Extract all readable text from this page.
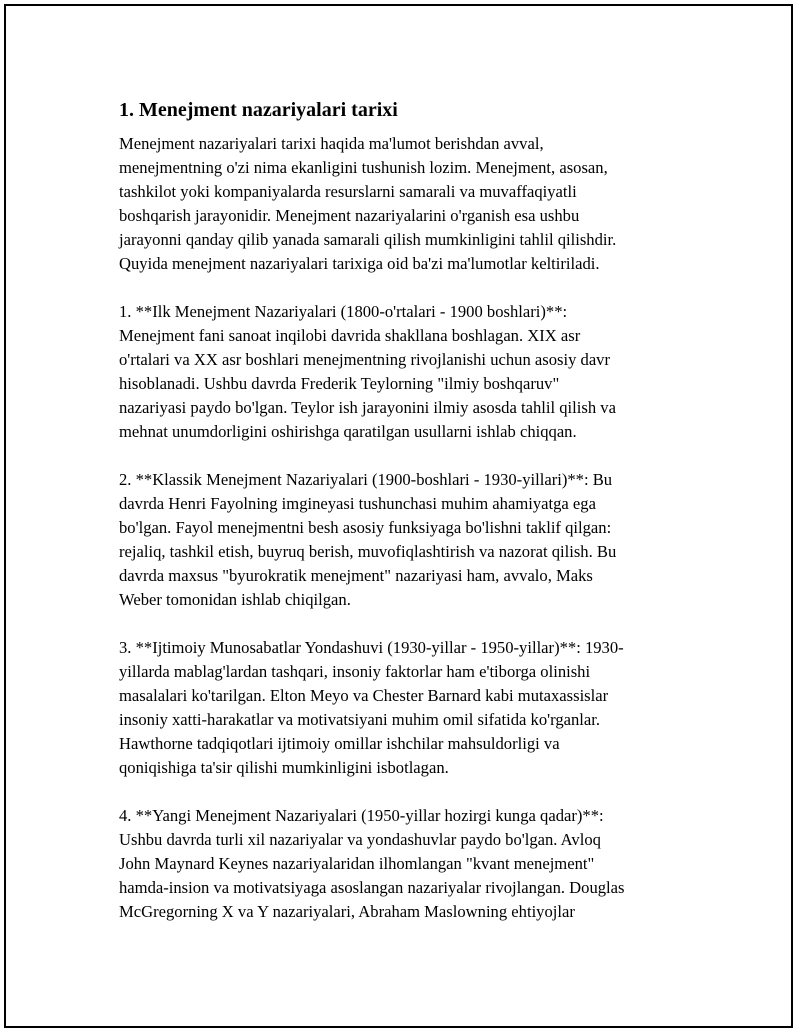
1. Menejment nazariyalari tarixi

Menejment nazariyalari tarixi haqida ma'lumot berishdan avval,
menejmentning o'zi nima ekanligini tushunish lozim. Menejment, asosan,
tashkilot yoki kompaniyalarda resurslarni samarali va muvaffaqiyatli
boshqarish jarayonidir. Menejment nazariyalarini o'rganish esa ushbu
jarayonni qanday qilib yanada samarali qilish mumkinligini tahlil qilishdir.
Quyida menejment nazariyalari tarixiga oid ba'zi ma'lumotlar keltiriladi.

1. **Ilk Menejment Nazariyalari (1800-o'rtalari - 1900 boshlari)**:
Menejment fani sanoat inqilobi davrida shakllana boshlagan. XIX asr
o'rtalari va XX asr boshlari menejmentning rivojlanishi uchun asosiy davr
hisoblanadi. Ushbu davrda Frederik Teylorning "ilmiy boshqaruv"
nazariyasi paydo bo'lgan. Teylor ish jarayonini ilmiy asosda tahlil qilish va
mehnat unumdorligini oshirishga qaratilgan usullarni ishlab chiqqan.

2. **Klassik Menejment Nazariyalari (1900-boshlari - 1930-yillari)**: Bu
davrda Henri Fayolning imgineyasi tushunchasi muhim ahamiyatga ega
bo'lgan. Fayol menejmentni besh asosiy funksiyaga bo'lishni taklif qilgan:
rejaliq, tashkil etish, buyruq berish, muvofiqlashtirish va nazorat qilish. Bu
davrda maxsus "byurokratik menejment" nazariyasi ham, avvalo, Maks
Weber tomonidan ishlab chiqilgan.

3. **Ijtimoiy Munosabatlar Yondashuvi (1930-yillar - 1950-yillar)**: 1930-
yillarda mablag'lardan tashqari, insoniy faktorlar ham e'tiborga olinishi
masalalari ko'tarilgan. Elton Meyo va Chester Barnard kabi mutaxassislar
insoniy xatti-harakatlar va motivatsiyani muhim omil sifatida ko'rganlar.
Hawthorne tadqiqotlari ijtimoiy omillar ishchilar mahsuldorligi va
qoniqishiga ta'sir qilishi mumkinligini isbotlagan.

4. **Yangi Menejment Nazariyalari (1950-yillar hozirgi kunga qadar)**:
Ushbu davrda turli xil nazariyalar va yondashuvlar paydo bo'lgan. Avloq
John Maynard Keynes nazariyalaridan ilhomlangan "kvant menejment"
hamda-insion va motivatsiyaga asoslangan nazariyalar rivojlangan. Douglas
McGregorning X va Y nazariyalari, Abraham Maslowning ehtiyojlar
